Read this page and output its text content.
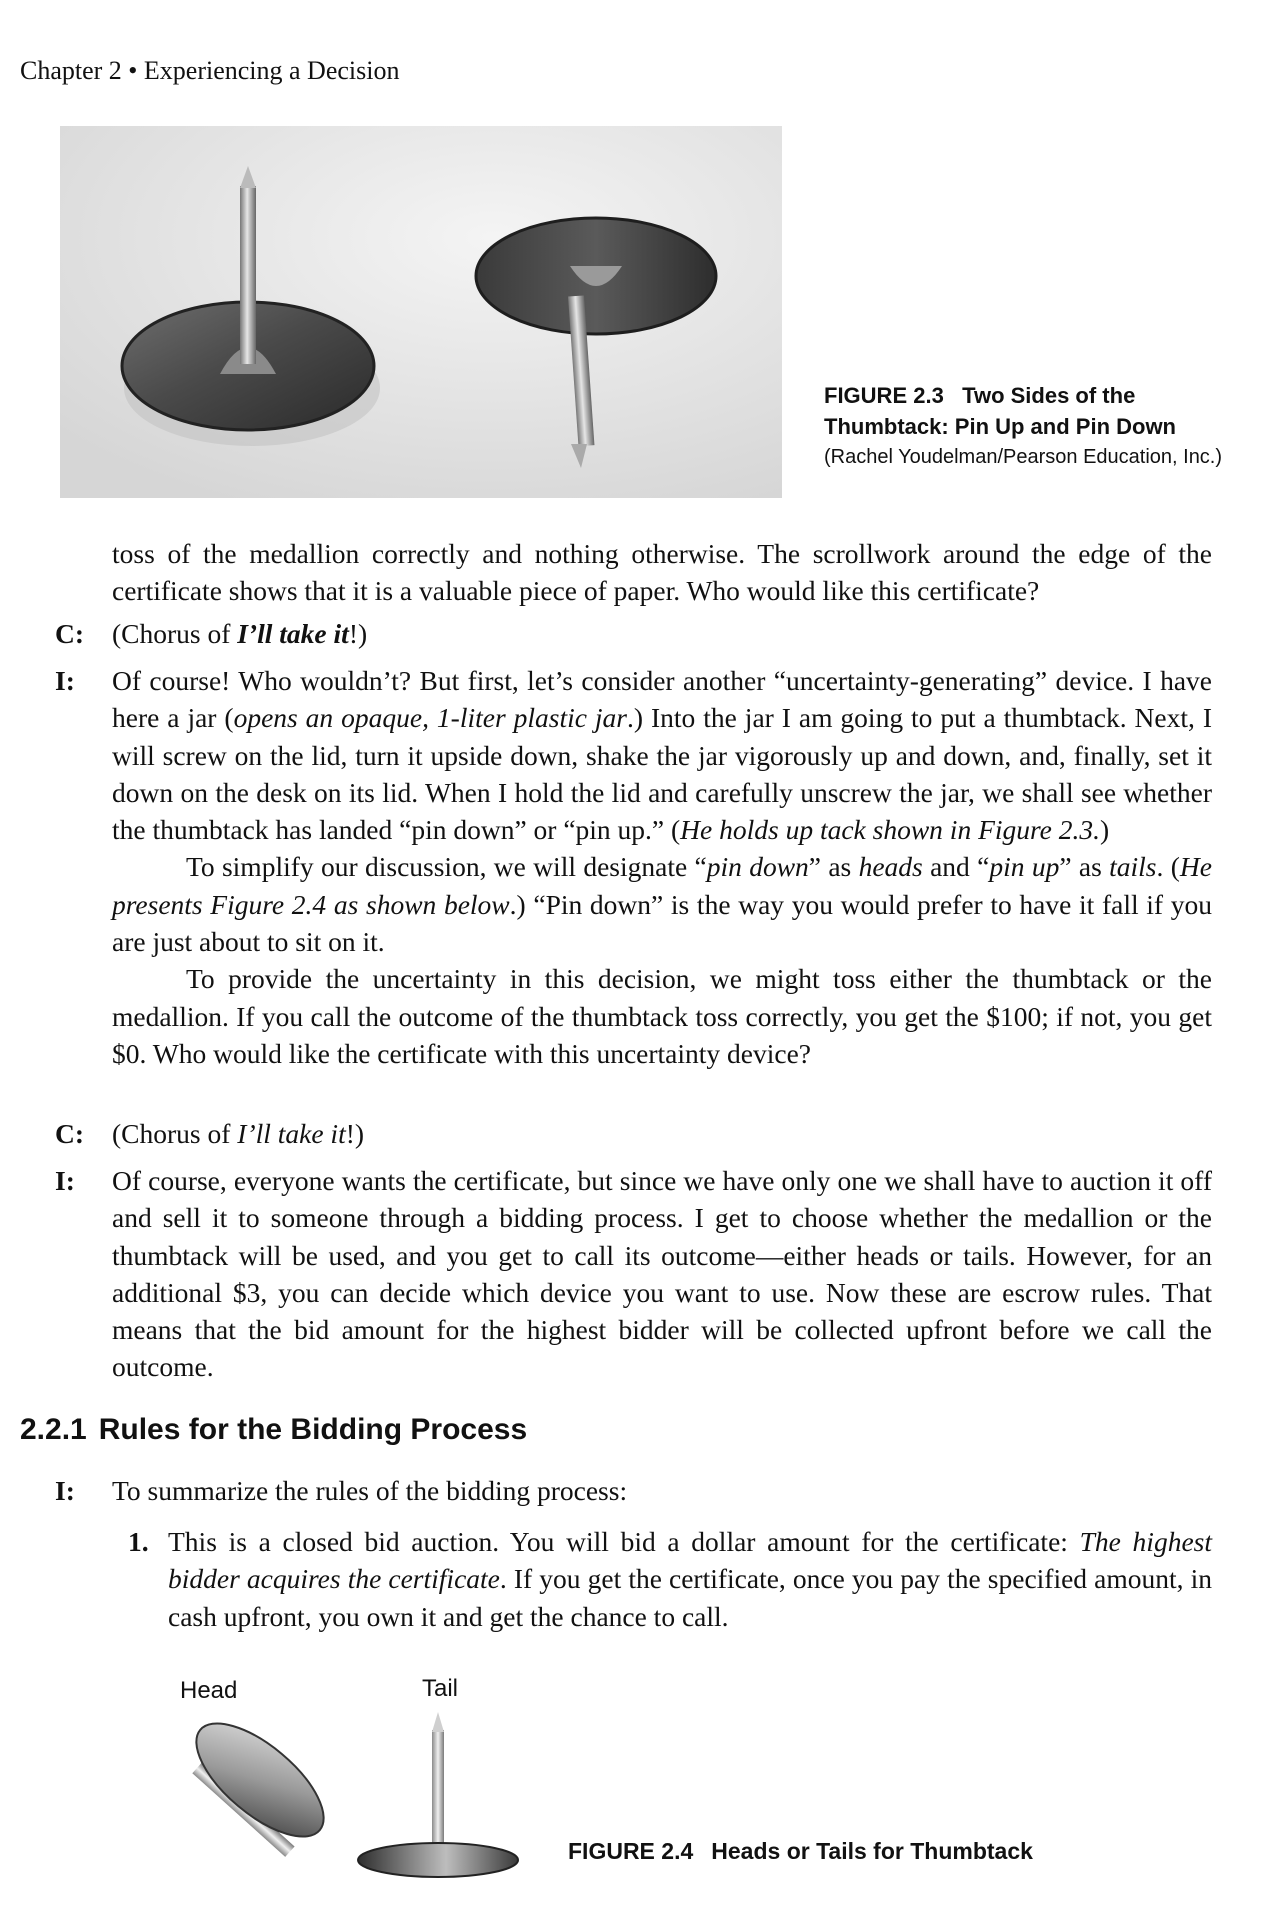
Chapter 2 • Experiencing a Decision
FIGURE 2.3 Two Sides of the Thumbtack: Pin Up and Pin Down
(Rachel Youdelman/Pearson Education, Inc.)
toss of the medallion correctly and nothing otherwise. The scrollwork around the edge of the certificate shows that it is a valuable piece of paper. Who would like this certificate?
C: (Chorus of I’ll take it!)
I: Of course! Who wouldn’t? But first, let’s consider another “uncertainty-generating” device. I have here a jar (opens an opaque, 1-liter plastic jar.) Into the jar I am going to put a thumbtack. Next, I will screw on the lid, turn it upside down, shake the jar vigorously up and down, and, finally, set it down on the desk on its lid. When I hold the lid and carefully unscrew the jar, we shall see whether the thumbtack has landed “pin down” or “pin up.” (He holds up tack shown in Figure 2.3.)
To simplify our discussion, we will designate “pin down” as heads and “pin up” as tails. (He presents Figure 2.4 as shown below.) “Pin down” is the way you would prefer to have it fall if you are just about to sit on it.
To provide the uncertainty in this decision, we might toss either the thumbtack or the medallion. If you call the outcome of the thumbtack toss correctly, you get the $100; if not, you get $0. Who would like the certificate with this uncertainty device?
C: (Chorus of I’ll take it!)
I: Of course, everyone wants the certificate, but since we have only one we shall have to auction it off and sell it to someone through a bidding process. I get to choose whether the medallion or the thumbtack will be used, and you get to call its outcome—either heads or tails. However, for an additional $3, you can decide which device you want to use. Now these are escrow rules. That means that the bid amount for the highest bidder will be collected upfront before we call the outcome.
2.2.1 Rules for the Bidding Process
I: To summarize the rules of the bidding process:
1. This is a closed bid auction. You will bid a dollar amount for the certificate: The highest bidder acquires the certificate. If you get the certificate, once you pay the specified amount, in cash upfront, you own it and get the chance to call.
Head	Tail
FIGURE 2.4 Heads or Tails for Thumbtack
